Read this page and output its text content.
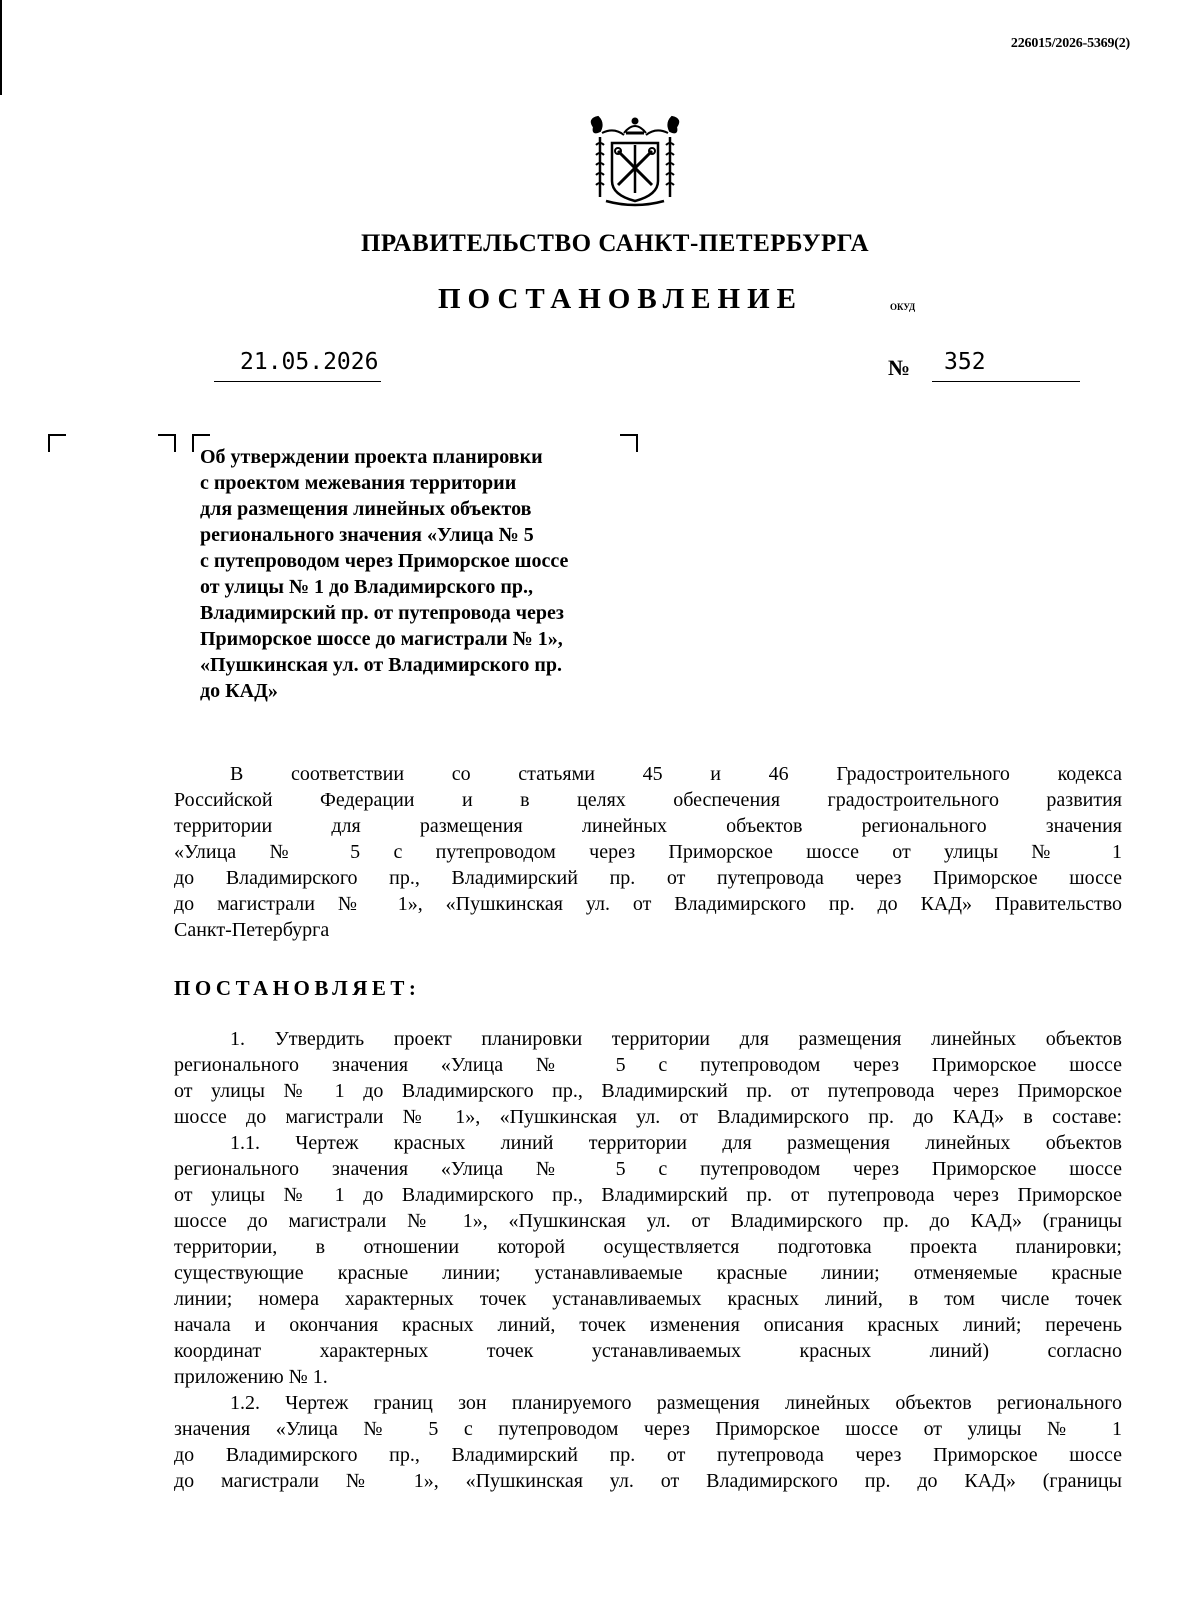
226015/2026-5369(2)
ПРАВИТЕЛЬСТВО САНКТ-ПЕТЕРБУРГА
ПОСТАНОВЛЕНИЕ	ОКУД
21.05.2026	№ 352
Об утверждении проекта планировки
с проектом межевания территории
для размещения линейных объектов
регионального значения «Улица № 5
с путепроводом через Приморское шоссе
от улицы № 1 до Владимирского пр.,
Владимирский пр. от путепровода через
Приморское шоссе до магистрали № 1»,
«Пушкинская ул. от Владимирского пр.
до КАД»
В соответствии со статьями 45 и 46 Градостроительного кодекса
Российской Федерации и в целях обеспечения градостроительного развития
территории для размещения линейных объектов регионального значения
«Улица № 5 с путепроводом через Приморское шоссе от улицы № 1
до Владимирского пр., Владимирский пр. от путепровода через Приморское шоссе
до магистрали № 1», «Пушкинская ул. от Владимирского пр. до КАД» Правительство
Санкт-Петербурга
ПОСТАНОВЛЯЕТ:
1. Утвердить проект планировки территории для размещения линейных объектов
регионального значения «Улица № 5 с путепроводом через Приморское шоссе
от улицы № 1 до Владимирского пр., Владимирский пр. от путепровода через Приморское
шоссе до магистрали № 1», «Пушкинская ул. от Владимирского пр. до КАД» в составе:
1.1. Чертеж красных линий территории для размещения линейных объектов
регионального значения «Улица № 5 с путепроводом через Приморское шоссе
от улицы № 1 до Владимирского пр., Владимирский пр. от путепровода через Приморское
шоссе до магистрали № 1», «Пушкинская ул. от Владимирского пр. до КАД» (границы
территории, в отношении которой осуществляется подготовка проекта планировки;
существующие красные линии; устанавливаемые красные линии; отменяемые красные
линии; номера характерных точек устанавливаемых красных линий, в том числе точек
начала и окончания красных линий, точек изменения описания красных линий; перечень
координат характерных точек устанавливаемых красных линий) согласно
приложению № 1.
1.2. Чертеж границ зон планируемого размещения линейных объектов регионального
значения «Улица № 5 с путепроводом через Приморское шоссе от улицы № 1
до Владимирского пр., Владимирский пр. от путепровода через Приморское шоссе
до магистрали № 1», «Пушкинская ул. от Владимирского пр. до КАД» (границы
